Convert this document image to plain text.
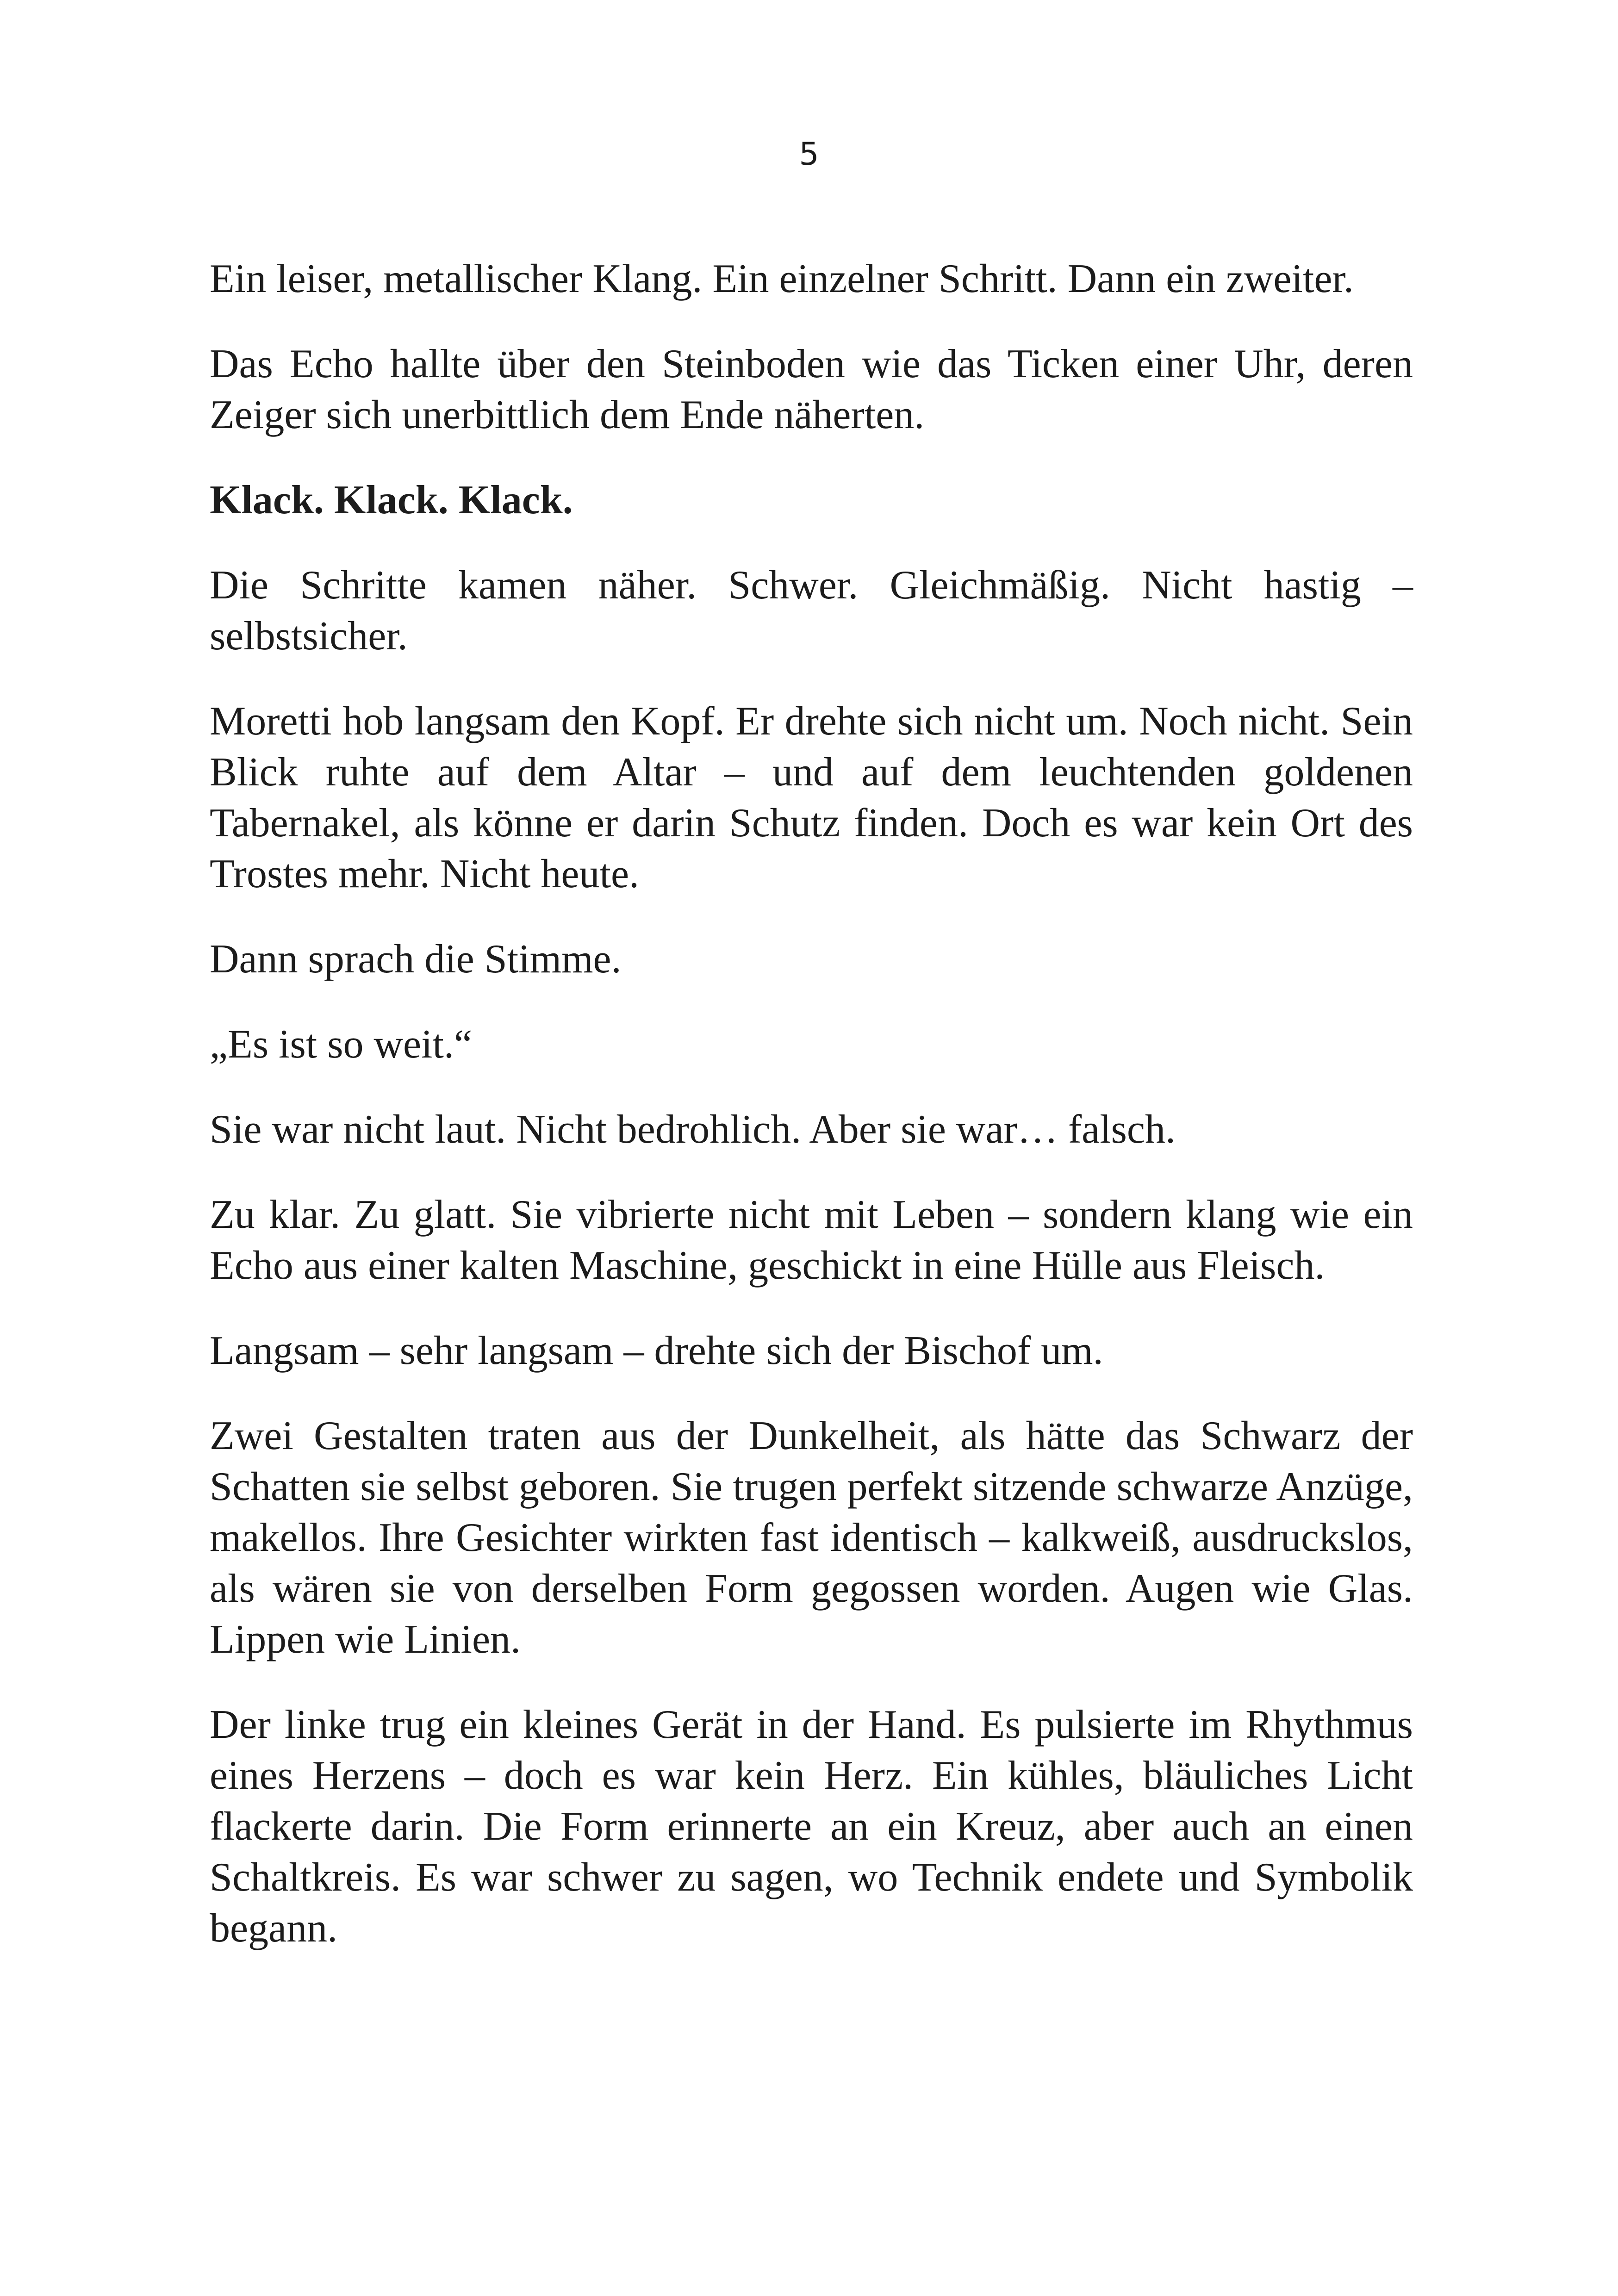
5

Ein leiser, metallischer Klang. Ein einzelner Schritt. Dann ein zweiter.

Das Echo hallte über den Steinboden wie das Ticken einer Uhr, deren Zeiger sich unerbittlich dem Ende näherten.

Klack. Klack. Klack.

Die Schritte kamen näher. Schwer. Gleichmäßig. Nicht hastig – selbstsicher.

Moretti hob langsam den Kopf. Er drehte sich nicht um. Noch nicht. Sein Blick ruhte auf dem Altar – und auf dem leuchtenden goldenen Tabernakel, als könne er darin Schutz finden. Doch es war kein Ort des Trostes mehr. Nicht heute.

Dann sprach die Stimme.

„Es ist so weit.“

Sie war nicht laut. Nicht bedrohlich. Aber sie war… falsch.

Zu klar. Zu glatt. Sie vibrierte nicht mit Leben – sondern klang wie ein Echo aus einer kalten Maschine, geschickt in eine Hülle aus Fleisch.

Langsam – sehr langsam – drehte sich der Bischof um.

Zwei Gestalten traten aus der Dunkelheit, als hätte das Schwarz der Schatten sie selbst geboren. Sie trugen perfekt sitzende schwarze Anzüge, makellos. Ihre Gesichter wirkten fast identisch – kalkweiß, ausdruckslos, als wären sie von derselben Form gegossen worden. Augen wie Glas. Lippen wie Linien.

Der linke trug ein kleines Gerät in der Hand. Es pulsierte im Rhythmus eines Herzens – doch es war kein Herz. Ein kühles, bläuliches Licht flackerte darin. Die Form erinnerte an ein Kreuz, aber auch an einen Schaltkreis. Es war schwer zu sagen, wo Technik endete und Symbolik begann.
